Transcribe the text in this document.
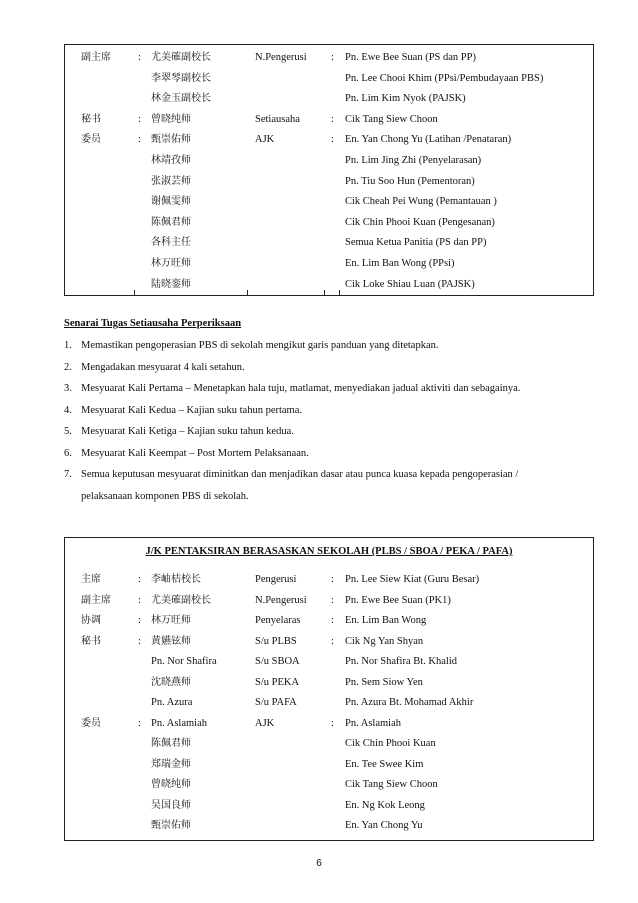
副主席	: 尤美確副校长	N.Pengerusi : Pn. Ewe Bee Suan (PS dan PP)
李翠琴副校长	Pn. Lee Chooi Khim (PPsi/Pembudayaan PBS)
林金玉副校长	Pn. Lim Kim Nyok (PAJSK)
秘书	: 曾晓纯师	Setiausaha	: Cik Tang Siew Choon
委员	: 甄崇佑师	AJK	: En. Yan Chong Yu (Latihan /Penataran)
林靖孜师	Pn. Lim Jing Zhi (Penyelarasan)
张淑芸师	Pn. Tiu Soo Hun (Pementoran)
谢佩雯师	Cik Cheah Pei Wung (Pemantauan )
陈佩君师	Cik Chin Phooi Kuan (Pengesanan)
各科主任	Semua Ketua Panitia (PS dan PP)
林万旺师	En. Lim Ban Wong (PPsi)
陆晓銮师	Cik Loke Shiau Luan (PAJSK)
Senarai Tugas Setiausaha Perperiksaan
1. Memastikan pengoperasian PBS di sekolah mengikut garis panduan yang ditetapkan.
2. Mengadakan mesyuarat 4 kali setahun.
3. Mesyuarat Kali Pertama – Menetapkan hala tuju, matlamat, menyediakan jadual aktiviti dan sebagainya.
4. Mesyuarat Kali Kedua – Kajian suku tahun pertama.
5. Mesyuarat Kali Ketiga – Kajian suku tahun kedua.
6. Mesyuarat Kali Keempat – Post Mortem Pelaksanaan.
7. Semua keputusan mesyuarat diminitkan dan menjadikan dasar atau punca kuasa kepada pengoperasian /
pelaksanaan komponen PBS di sekolah.
J/K PENTAKSIRAN BERASASKAN SEKOLAH (PLBS / SBOA / PEKA / PAFA)
主席	: 李岫桔校长	Pengerusi	: Pn. Lee Siew Kiat (Guru Besar)
副主席	: 尤美確副校长	N.Pengerusi : Pn. Ewe Bee Suan (PK1)
协调	: 林万旺师	Penyelaras	: En. Lim Ban Wong
秘书	: 黄嬿铉师	S/u PLBS	: Cik Ng Yan Shyan
Pn. Nor Shafira	S/u SBOA	Pn. Nor Shafira Bt. Khalid
沈晓燕师	S/u PEKA	Pn. Sem Siow Yen
Pn. Azura	S/u PAFA	Pn. Azura Bt. Mohamad Akhir
委员	: Pn. Aslamiah	AJK	: Pn. Aslamiah
陈佩君师	Cik Chin Phooi Kuan
郑瑞金师	En. Tee Swee Kim
曾晓纯师	Cik Tang Siew Choon
吴国良师	En. Ng Kok Leong
甄崇佑师	En. Yan Chong Yu
6
